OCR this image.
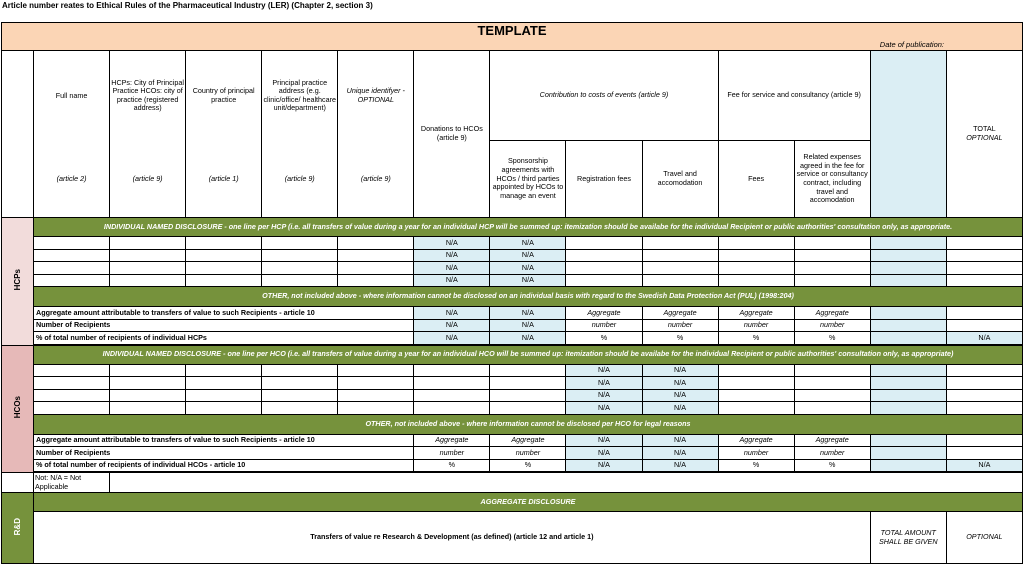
Article number reates to Ethical Rules of the Pharmaceutical Industry (LER) (Chapter 2, section 3)
TEMPLATE													
Date of publication:													
	Full name	HCPs: City of Principal Practice HCOs: city of practice (registered address)	Country of principal practice	Principal practice address (e.g. clinic/office/ healthcare unit/department)	Unique identifyer - OPTIONAL	Donations to HCOs (article 9)	Contribution to costs of events (article 9)			Fee for service and consultancy (article 9)			TOTAL
OPTIONAL
	(article 2)	(article 9)	(article 1)	(article 9)	(article 9)		Sponsorship agreements with HCOs / third parties appointed by HCOs to manage an event	Registration fees	Travel and accomodation	Fees	Related expenses agreed in the fee for service or consultancy contract, including travel and accomodation		
HCPs	INDIVIDUAL NAMED DISCLOSURE - one line per HCP (i.e. all transfers of value during a year for an individual HCP will be summed up: itemization should be availabe for the individual Recipient or public authorities' consultation only, as appropriate.												
						N/A	N/A						
						N/A	N/A						
						N/A	N/A						
						N/A	N/A						
	OTHER, not included above - where information cannot be disclosed on an individual basis with regard to the Swedish Data Protection Act (PUL) (1998:204)												
	Aggregate amount attributable to transfers of value to such Recipients - article 10					N/A	N/A	Aggregate	Aggregate	Aggregate	Aggregate		
	Number of Recipients					N/A	N/A	number	number	number	number		
	% of total number of recipients of individual HCPs					N/A	N/A	%	%	%	%		N/A

HCOs	INDIVIDUAL NAMED DISCLOSURE - one line per HCO (i.e. all transfers of value during a year for an individual HCO will be summed up: itemization should be availabe for the individual Recipient or public authorities' consultation only, as appropriate)												
								N/A	N/A				
								N/A	N/A				
								N/A	N/A				
								N/A	N/A				
	OTHER, not included above - where information cannot be disclosed per HCO for legal reasons												
	Aggregate amount attributable to transfers of value to such Recipients - article 10					Aggregate	Aggregate	N/A	N/A	Aggregate	Aggregate		
	Number of Recipients					number	number	N/A	N/A	number	number		
	% of total number of recipients of individual HCOs - article 10					%	%	N/A	N/A	%	%		N/A

	Not: N/A = Not Applicable												
R&D	AGGREGATE DISCLOSURE												
	Transfers of value re Research & Development (as defined) (article 12 and article 1)											TOTAL AMOUNT SHALL BE GIVEN	OPTIONAL
